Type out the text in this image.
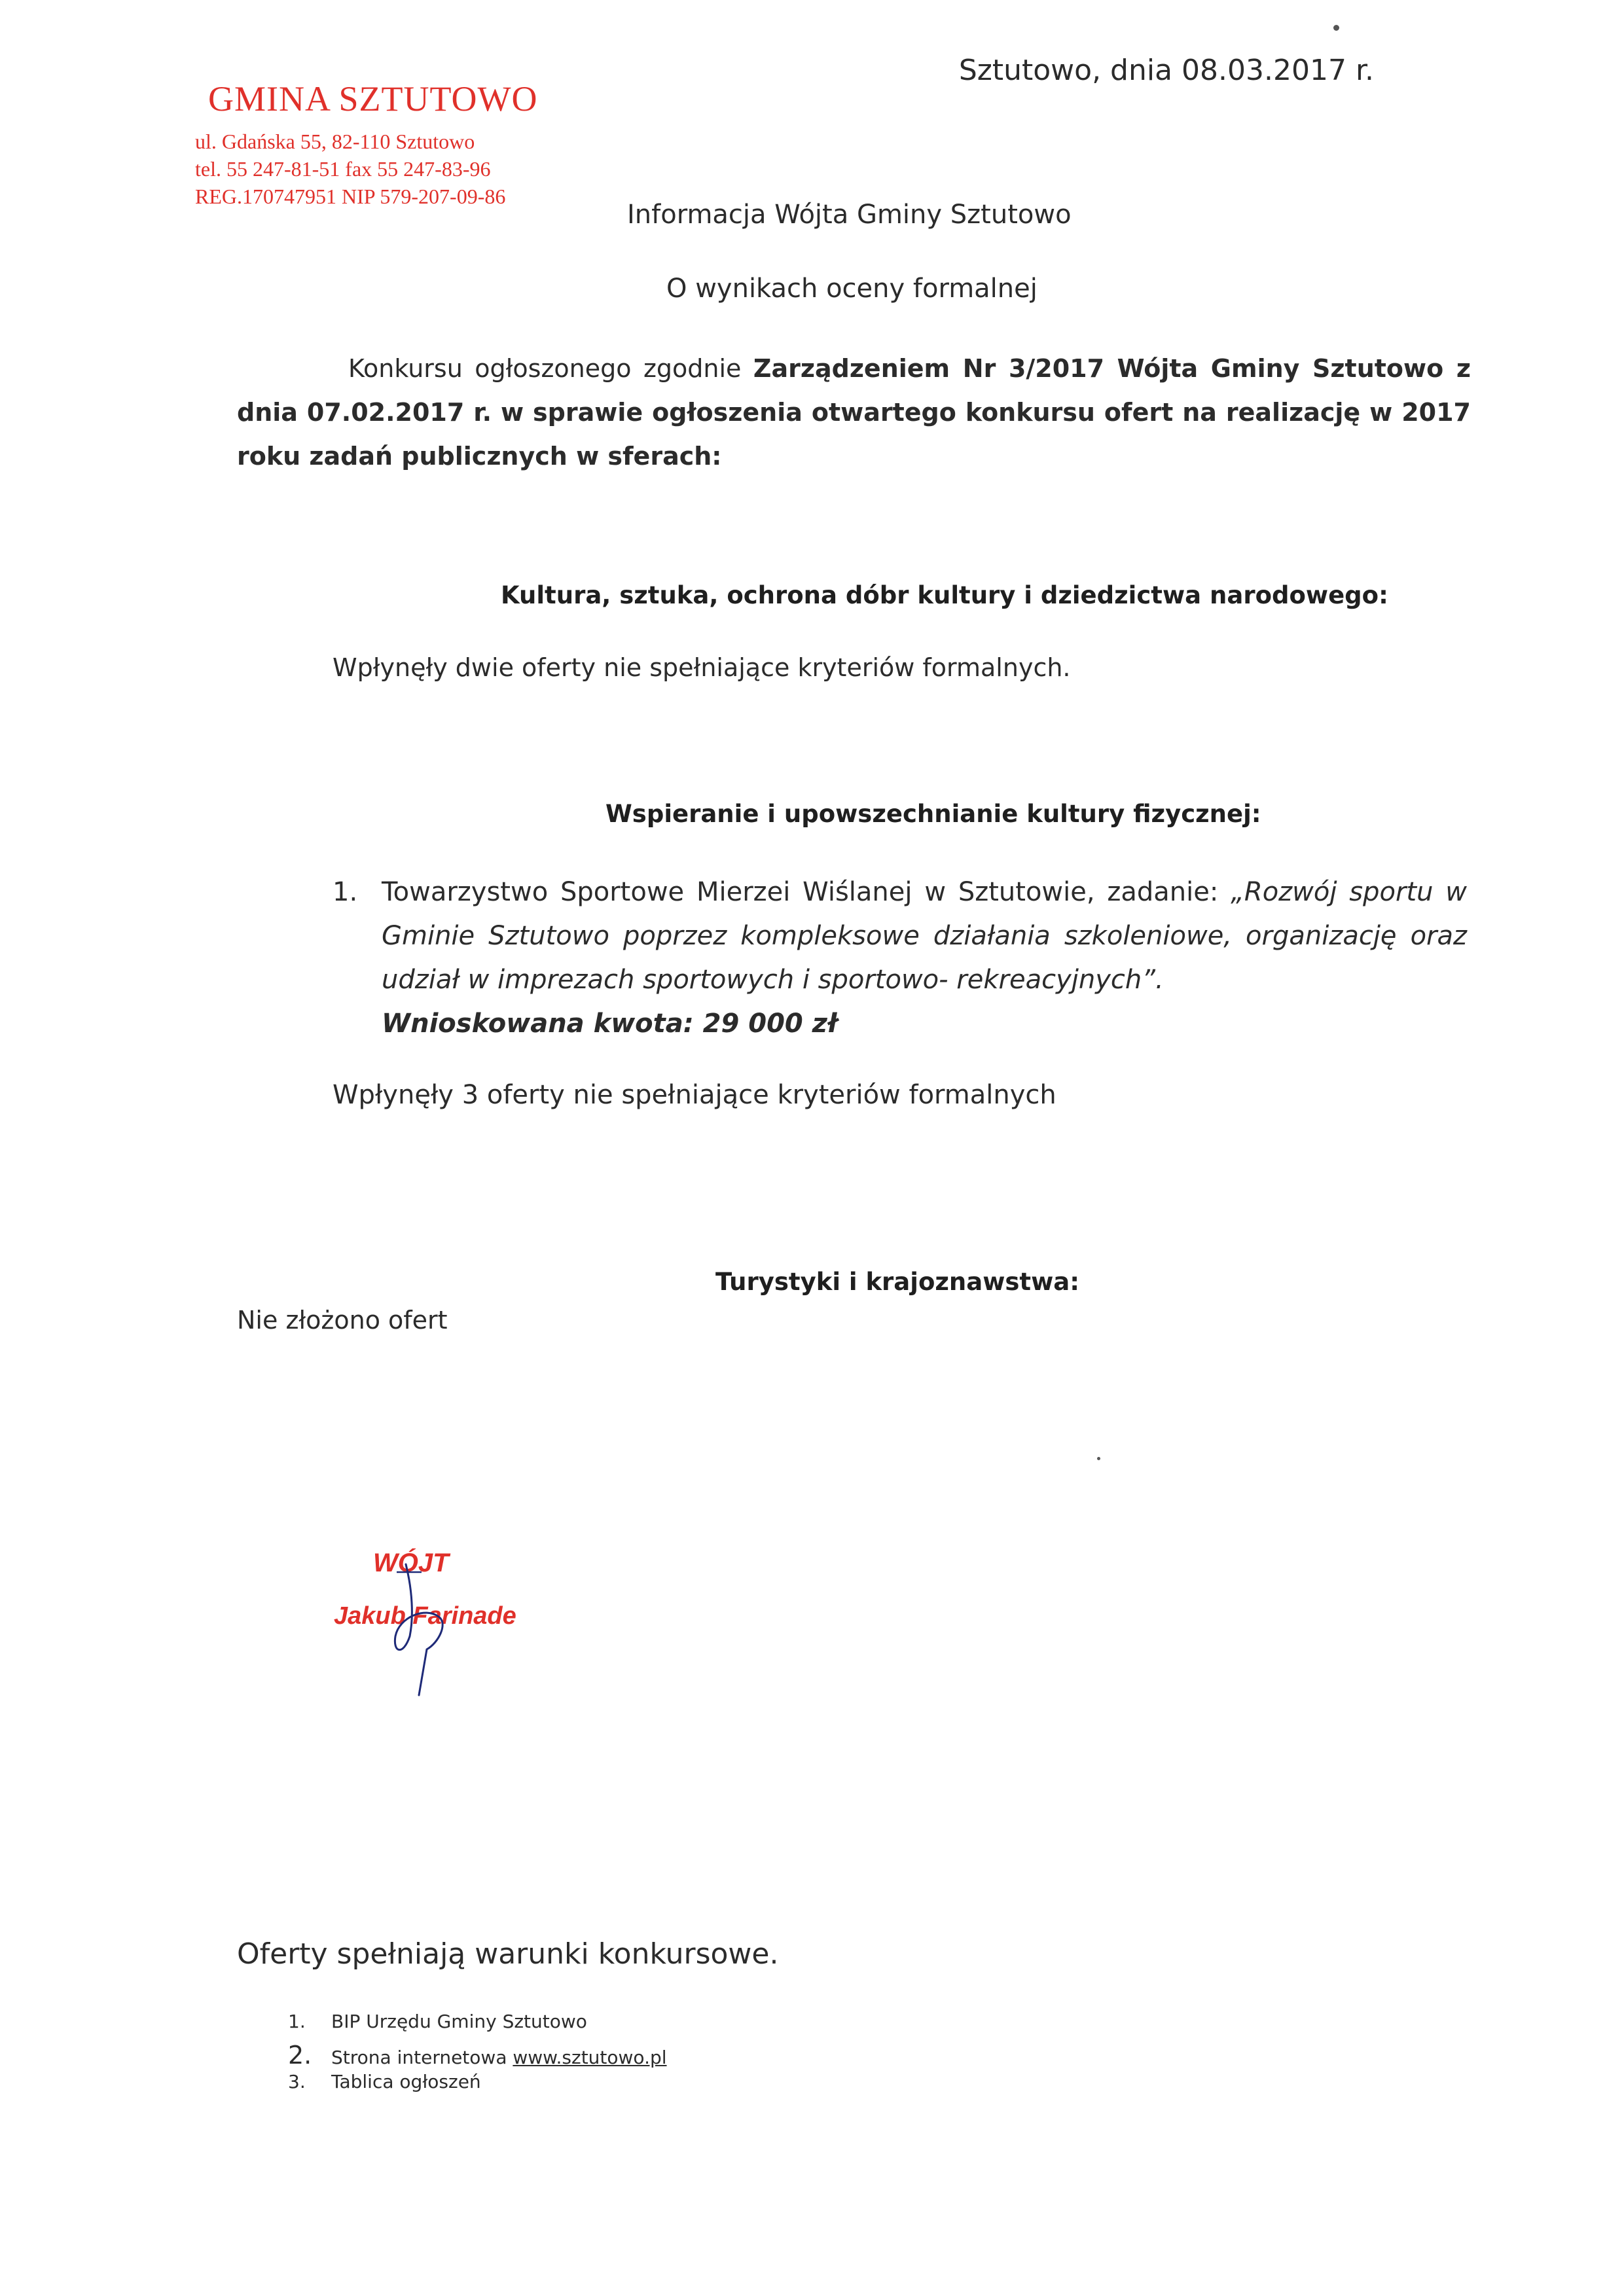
GMINA SZTUTOWO
ul. Gdańska 55, 82-110 Sztutowo
tel. 55 247-81-51 fax 55 247-83-96
REG.170747951 NIP 579-207-09-86
Sztutowo, dnia 08.03.2017 r.
Informacja Wójta Gminy Sztutowo
O wynikach oceny formalnej
Konkursu ogłoszonego zgodnie Zarządzeniem Nr 3/2017 Wójta Gminy Sztutowo z dnia 07.02.2017 r. w sprawie ogłoszenia otwartego konkursu ofert na realizację w 2017 roku zadań publicznych w sferach:
Kultura, sztuka, ochrona dóbr kultury i dziedzictwa narodowego:
Wpłynęły dwie oferty nie spełniające kryteriów formalnych.
Wspieranie i upowszechnianie kultury fizycznej:
1. Towarzystwo Sportowe Mierzei Wiślanej w Sztutowie, zadanie: „Rozwój sportu w Gminie Sztutowo poprzez kompleksowe działania szkoleniowe, organizację oraz udział w imprezach sportowych i sportowo- rekreacyjnych”.
Wnioskowana kwota: 29 000 zł
Wpłynęły 3 oferty nie spełniające kryteriów formalnych
Turystyki i krajoznawstwa:
Nie złożono ofert
WÓJT
Jakub Farinade
Oferty spełniają warunki konkursowe.
1. BIP Urzędu Gminy Sztutowo
2. Strona internetowa www.sztutowo.pl
3. Tablica ogłoszeń
